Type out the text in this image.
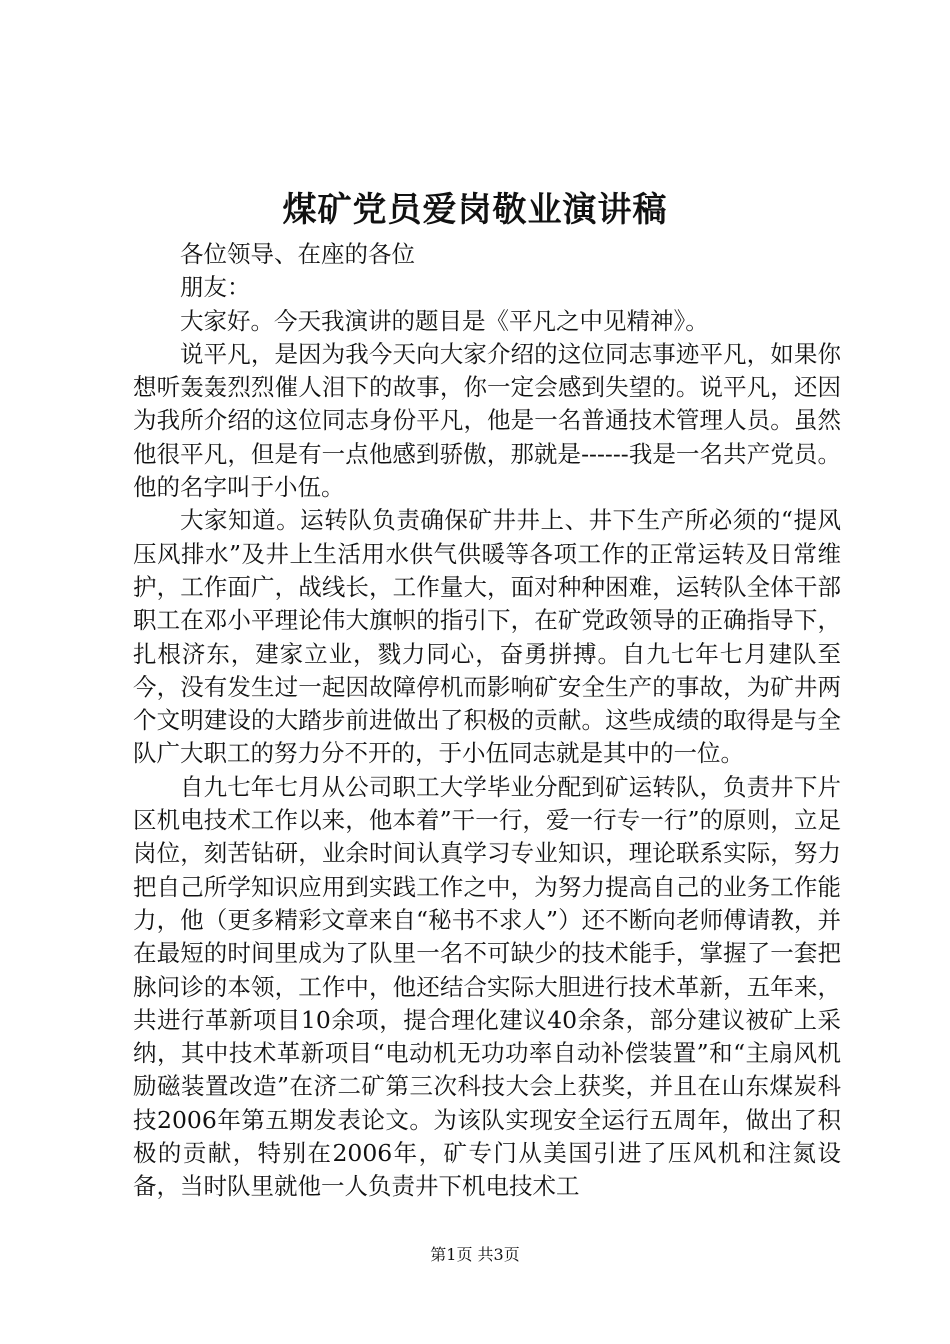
煤矿党员爱岗敬业演讲稿

各位领导、在座的各位

朋友：

大家好。今天我演讲的题目是《平凡之中见精神》。

说平凡，是因为我今天向大家介绍的这位同志事迹平凡，如果你想听轰轰烈烈催人泪下的故事，你一定会感到失望的。说平凡，还因为我所介绍的这位同志身份平凡，他是一名普通技术管理人员。虽然他很平凡，但是有一点他感到骄傲，那就是------我是一名共产党员。他的名字叫于小伍。

大家知道。运转队负责确保矿井井上、井下生产所必须的“提风压风排水”及井上生活用水供气供暖等各项工作的正常运转及日常维护，工作面广，战线长，工作量大，面对种种困难，运转队全体干部职工在邓小平理论伟大旗帜的指引下，在矿党政领导的正确指导下，扎根济东，建家立业，戮力同心，奋勇拼搏。自九七年七月建队至今，没有发生过一起因故障停机而影响矿安全生产的事故，为矿井两个文明建设的大踏步前进做出了积极的贡献。这些成绩的取得是与全队广大职工的努力分不开的，于小伍同志就是其中的一位。

自九七年七月从公司职工大学毕业分配到矿运转队，负责井下片区机电技术工作以来，他本着”干一行，爱一行专一行”的原则，立足岗位，刻苦钻研，业余时间认真学习专业知识，理论联系实际，努力把自己所学知识应用到实践工作之中，为努力提高自己的业务工作能力，他（更多精彩文章来自“秘书不求人”）还不断向老师傅请教，并在最短的时间里成为了队里一名不可缺少的技术能手，掌握了一套把脉问诊的本领，工作中，他还结合实际大胆进行技术革新，五年来，共进行革新项目10余项，提合理化建议40余条，部分建议被矿上采纳，其中技术革新项目“电动机无功功率自动补偿装置”和“主扇风机励磁装置改造”在济二矿第三次科技大会上获奖，并且在山东煤炭科技2006年第五期发表论文。为该队实现安全运行五周年，做出了积极的贡献，特别在2006年，矿专门从美国引进了压风机和注氮设备，当时队里就他一人负责井下机电技术工

第1页 共3页
